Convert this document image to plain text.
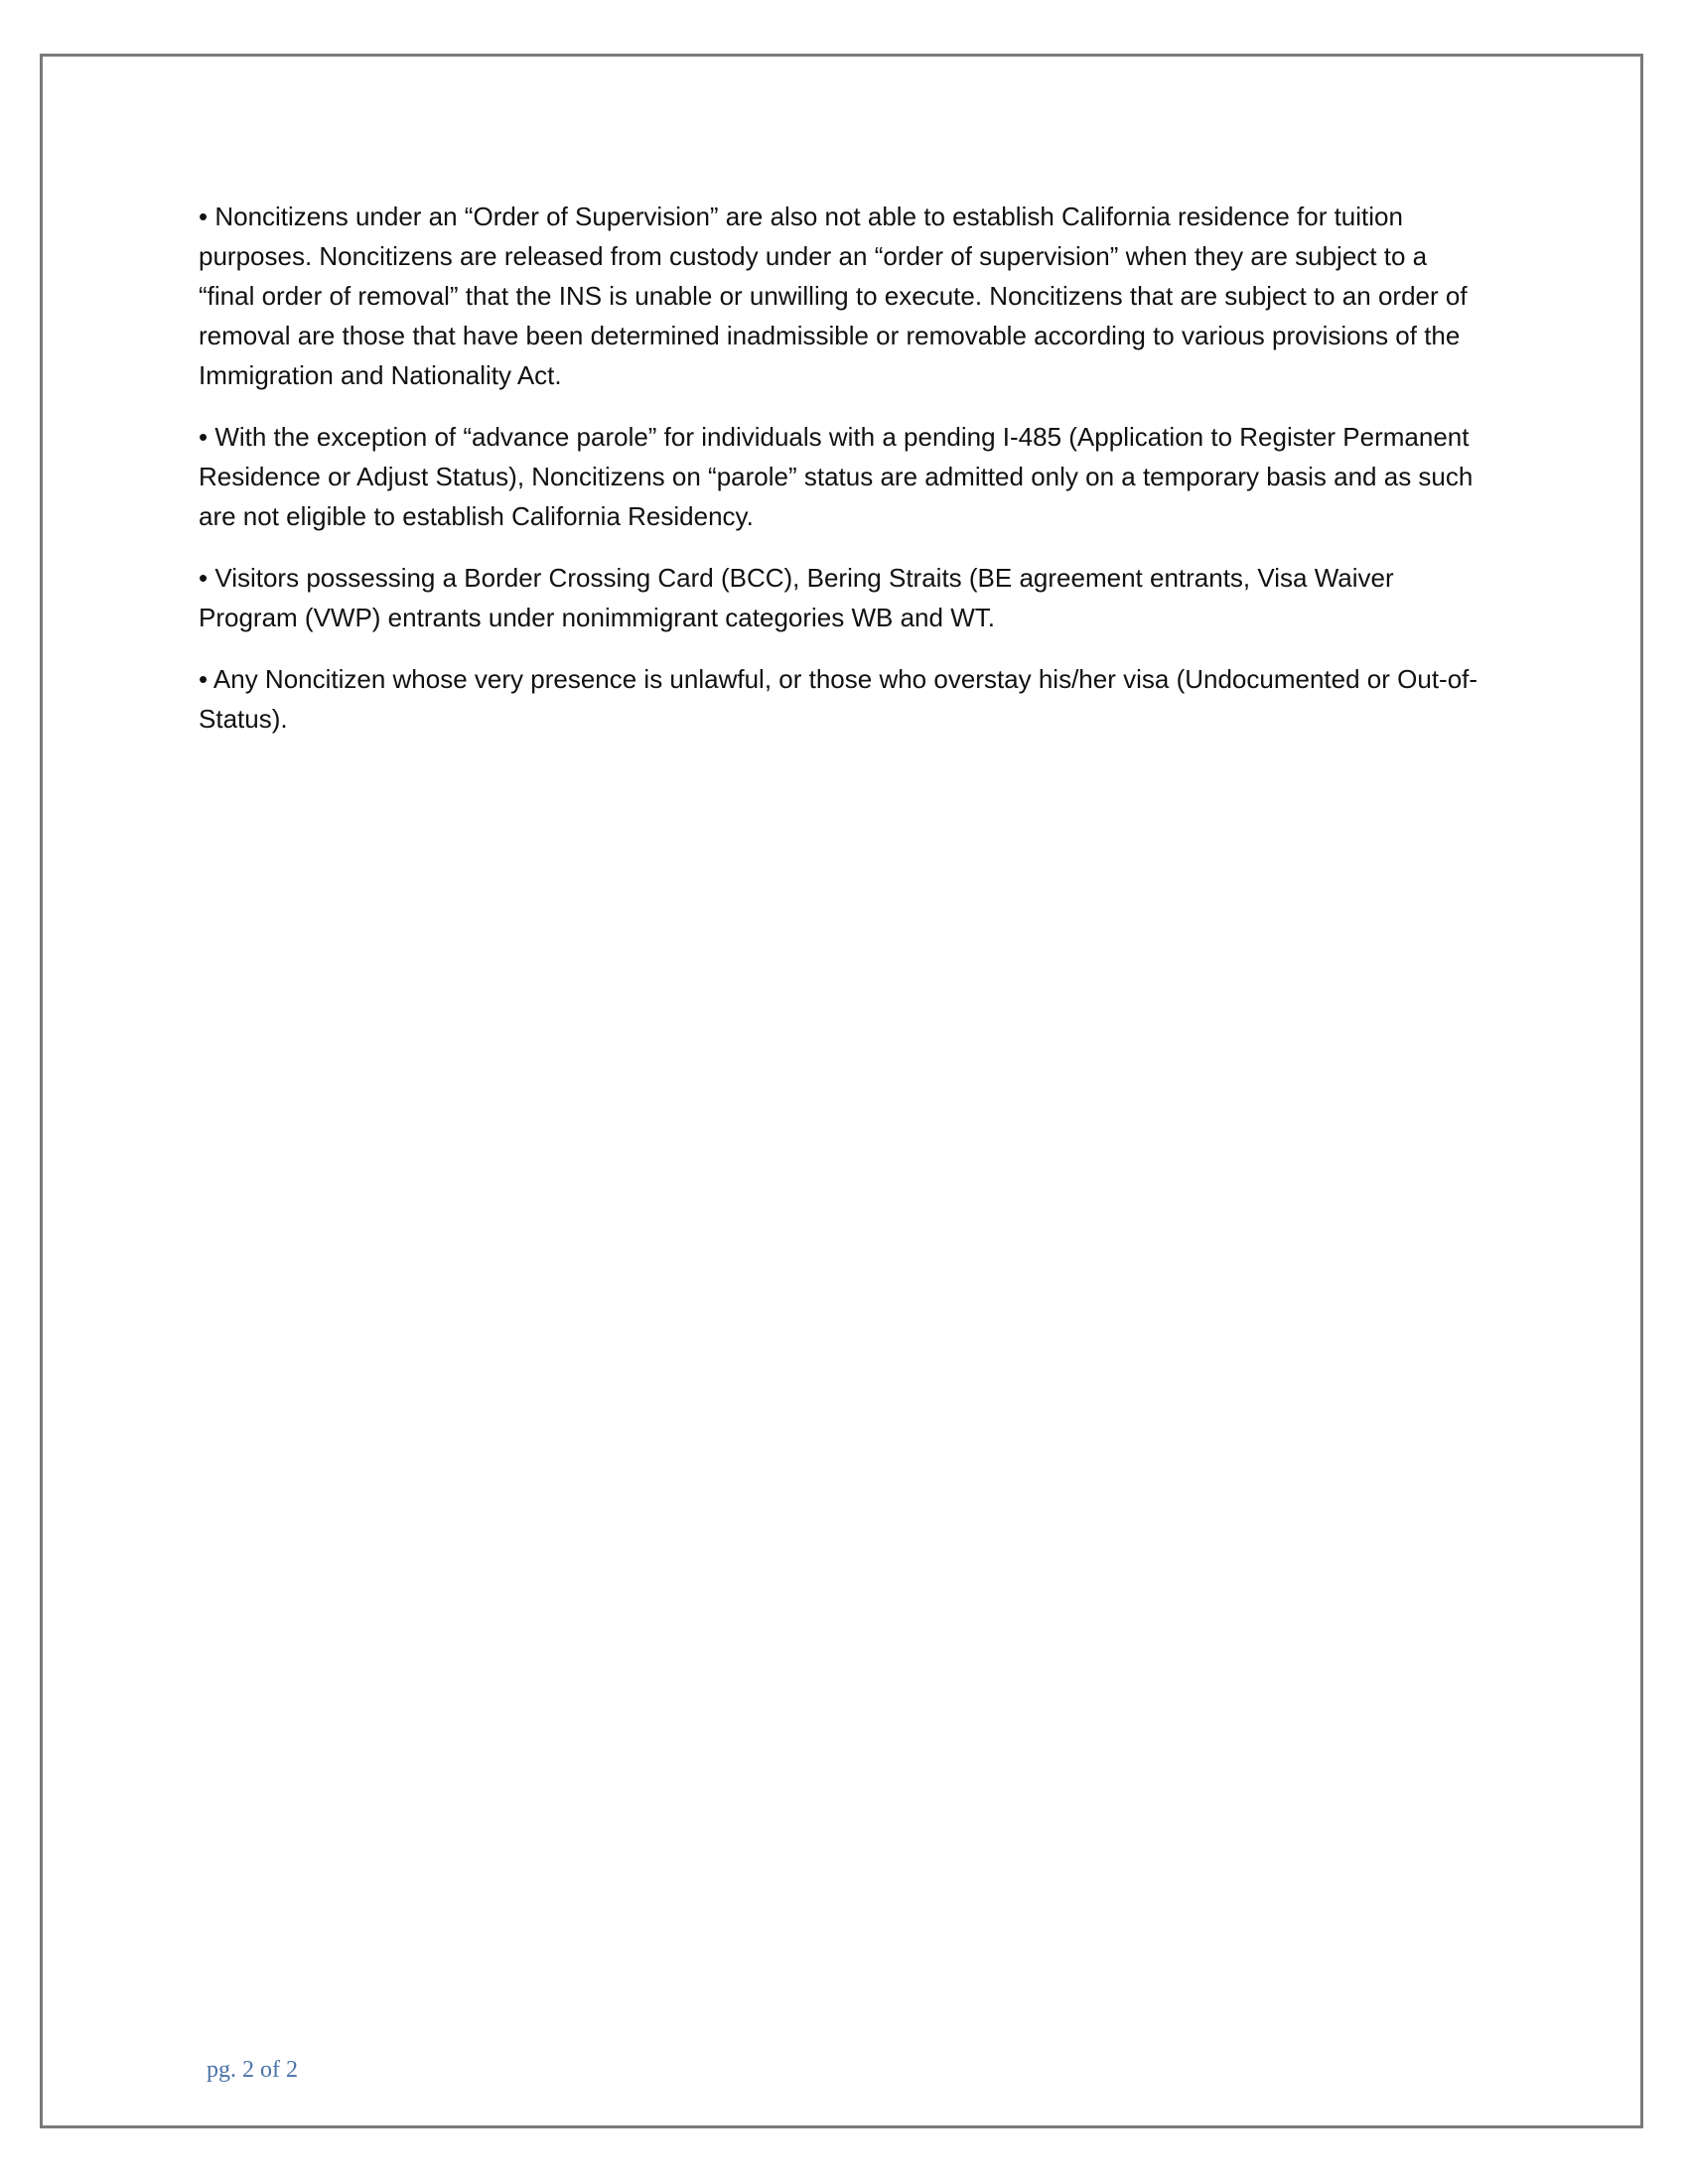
• Noncitizens under an “Order of Supervision” are also not able to establish California residence for tuition purposes. Noncitizens are released from custody under an “order of supervision” when they are subject to a “final order of removal” that the INS is unable or unwilling to execute. Noncitizens that are subject to an order of removal are those that have been determined inadmissible or removable according to various provisions of the Immigration and Nationality Act.

• With the exception of “advance parole” for individuals with a pending I-485 (Application to Register Permanent Residence or Adjust Status), Noncitizens on “parole” status are admitted only on a temporary basis and as such are not eligible to establish California Residency.

• Visitors possessing a Border Crossing Card (BCC), Bering Straits (BE agreement entrants, Visa Waiver Program (VWP) entrants under nonimmigrant categories WB and WT.

• Any Noncitizen whose very presence is unlawful, or those who overstay his/her visa (Undocumented or Out-of-Status).

pg. 2 of 2
